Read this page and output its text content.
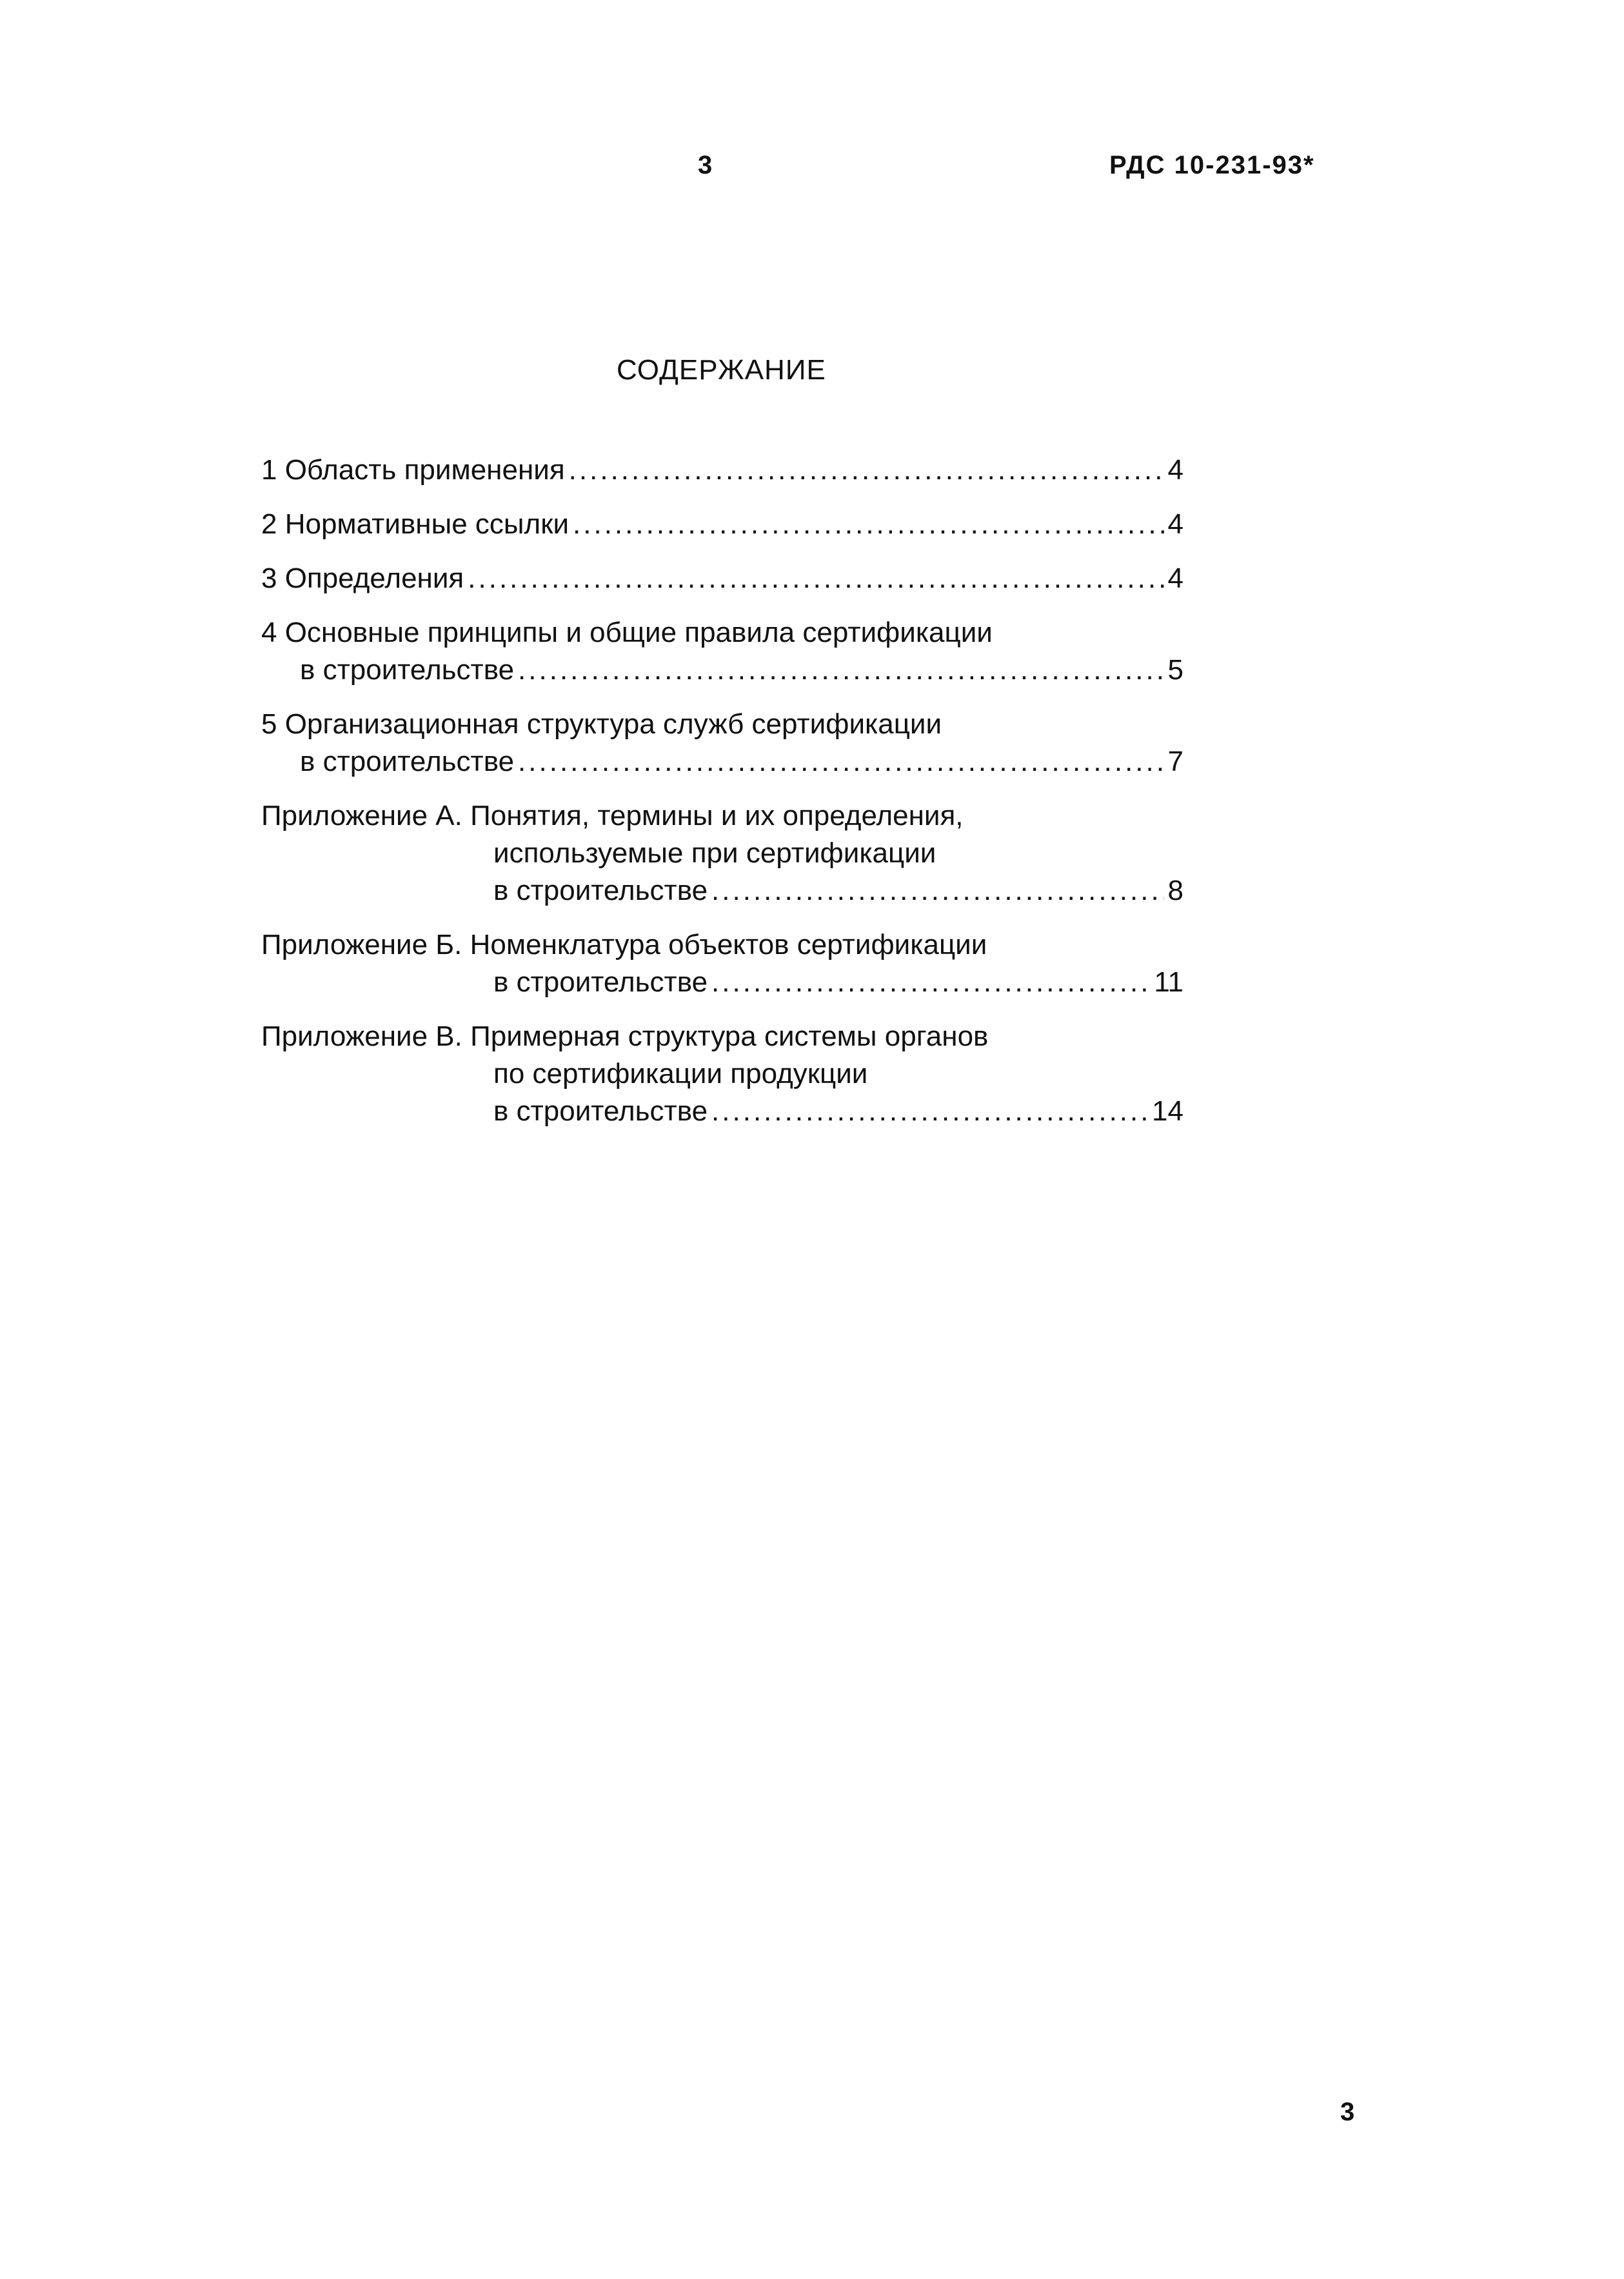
3	РДС 10-231-93*
СОДЕРЖАНИЕ
1 Область применения .....	4
2 Нормативные ссылки .....	4
3 Определения .....	4
4 Основные принципы и общие правила сертификации
в строительстве .....	5
5 Организационная структура служб сертификации
в строительстве .....	7
Приложение А. Понятия, термины и их определения,
используемые при сертификации
в строительстве .....	8
Приложение Б. Номенклатура объектов сертификации
в строительстве .....	11
Приложение В. Примерная структура системы органов
по сертификации продукции
в строительстве .....	14
3
